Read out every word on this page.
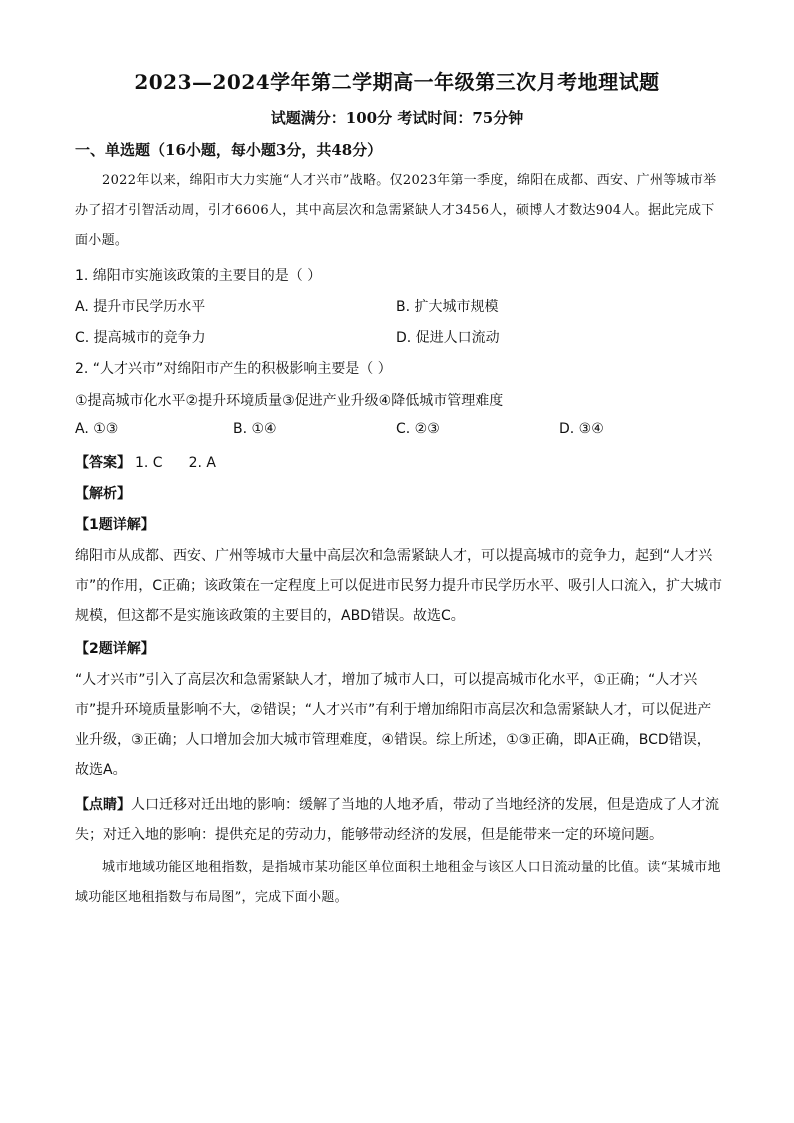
2023—2024学年第二学期高一年级第三次月考地理试题
试题满分：100分 考试时间：75分钟
一、单选题（16小题，每小题3分，共48分）
2022年以来，绵阳市大力实施“人才兴市”战略。仅2023年第一季度，绵阳在成都、西安、广州等城市举办了招才引智活动周，引才6606人，其中高层次和急需紧缺人才3456人，硕博人才数达904人。据此完成下面小题。
1. 绵阳市实施该政策的主要目的是（ ）
A. 提升市民学历水平	B. 扩大城市规模
C. 提高城市的竞争力	D. 促进人口流动
2. “人才兴市”对绵阳市产生的积极影响主要是（ ）
①提高城市化水平②提升环境质量③促进产业升级④降低城市管理难度
A. ①③	B. ①④	C. ②③	D. ③④
【答案】 1. C 2. A
【解析】
【1题详解】
绵阳市从成都、西安、广州等城市大量中高层次和急需紧缺人才，可以提高城市的竞争力，起到“人才兴市”的作用，C正确；该政策在一定程度上可以促进市民努力提升市民学历水平、吸引人口流入，扩大城市规模，但这都不是实施该政策的主要目的，ABD错误。故选C。
【2题详解】
“人才兴市”引入了高层次和急需紧缺人才，增加了城市人口，可以提高城市化水平，①正确；“人才兴市”提升环境质量影响不大，②错误；“人才兴市”有利于增加绵阳市高层次和急需紧缺人才，可以促进产业升级，③正确；人口增加会加大城市管理难度，④错误。综上所述，①③正确，即A正确，BCD错误，故选A。
【点睛】人口迁移对迁出地的影响：缓解了当地的人地矛盾，带动了当地经济的发展，但是造成了人才流失；对迁入地的影响：提供充足的劳动力，能够带动经济的发展，但是能带来一定的环境问题。
城市地域功能区地租指数，是指城市某功能区单位面积土地租金与该区人口日流动量的比值。读“某城市地域功能区地租指数与布局图”，完成下面小题。
